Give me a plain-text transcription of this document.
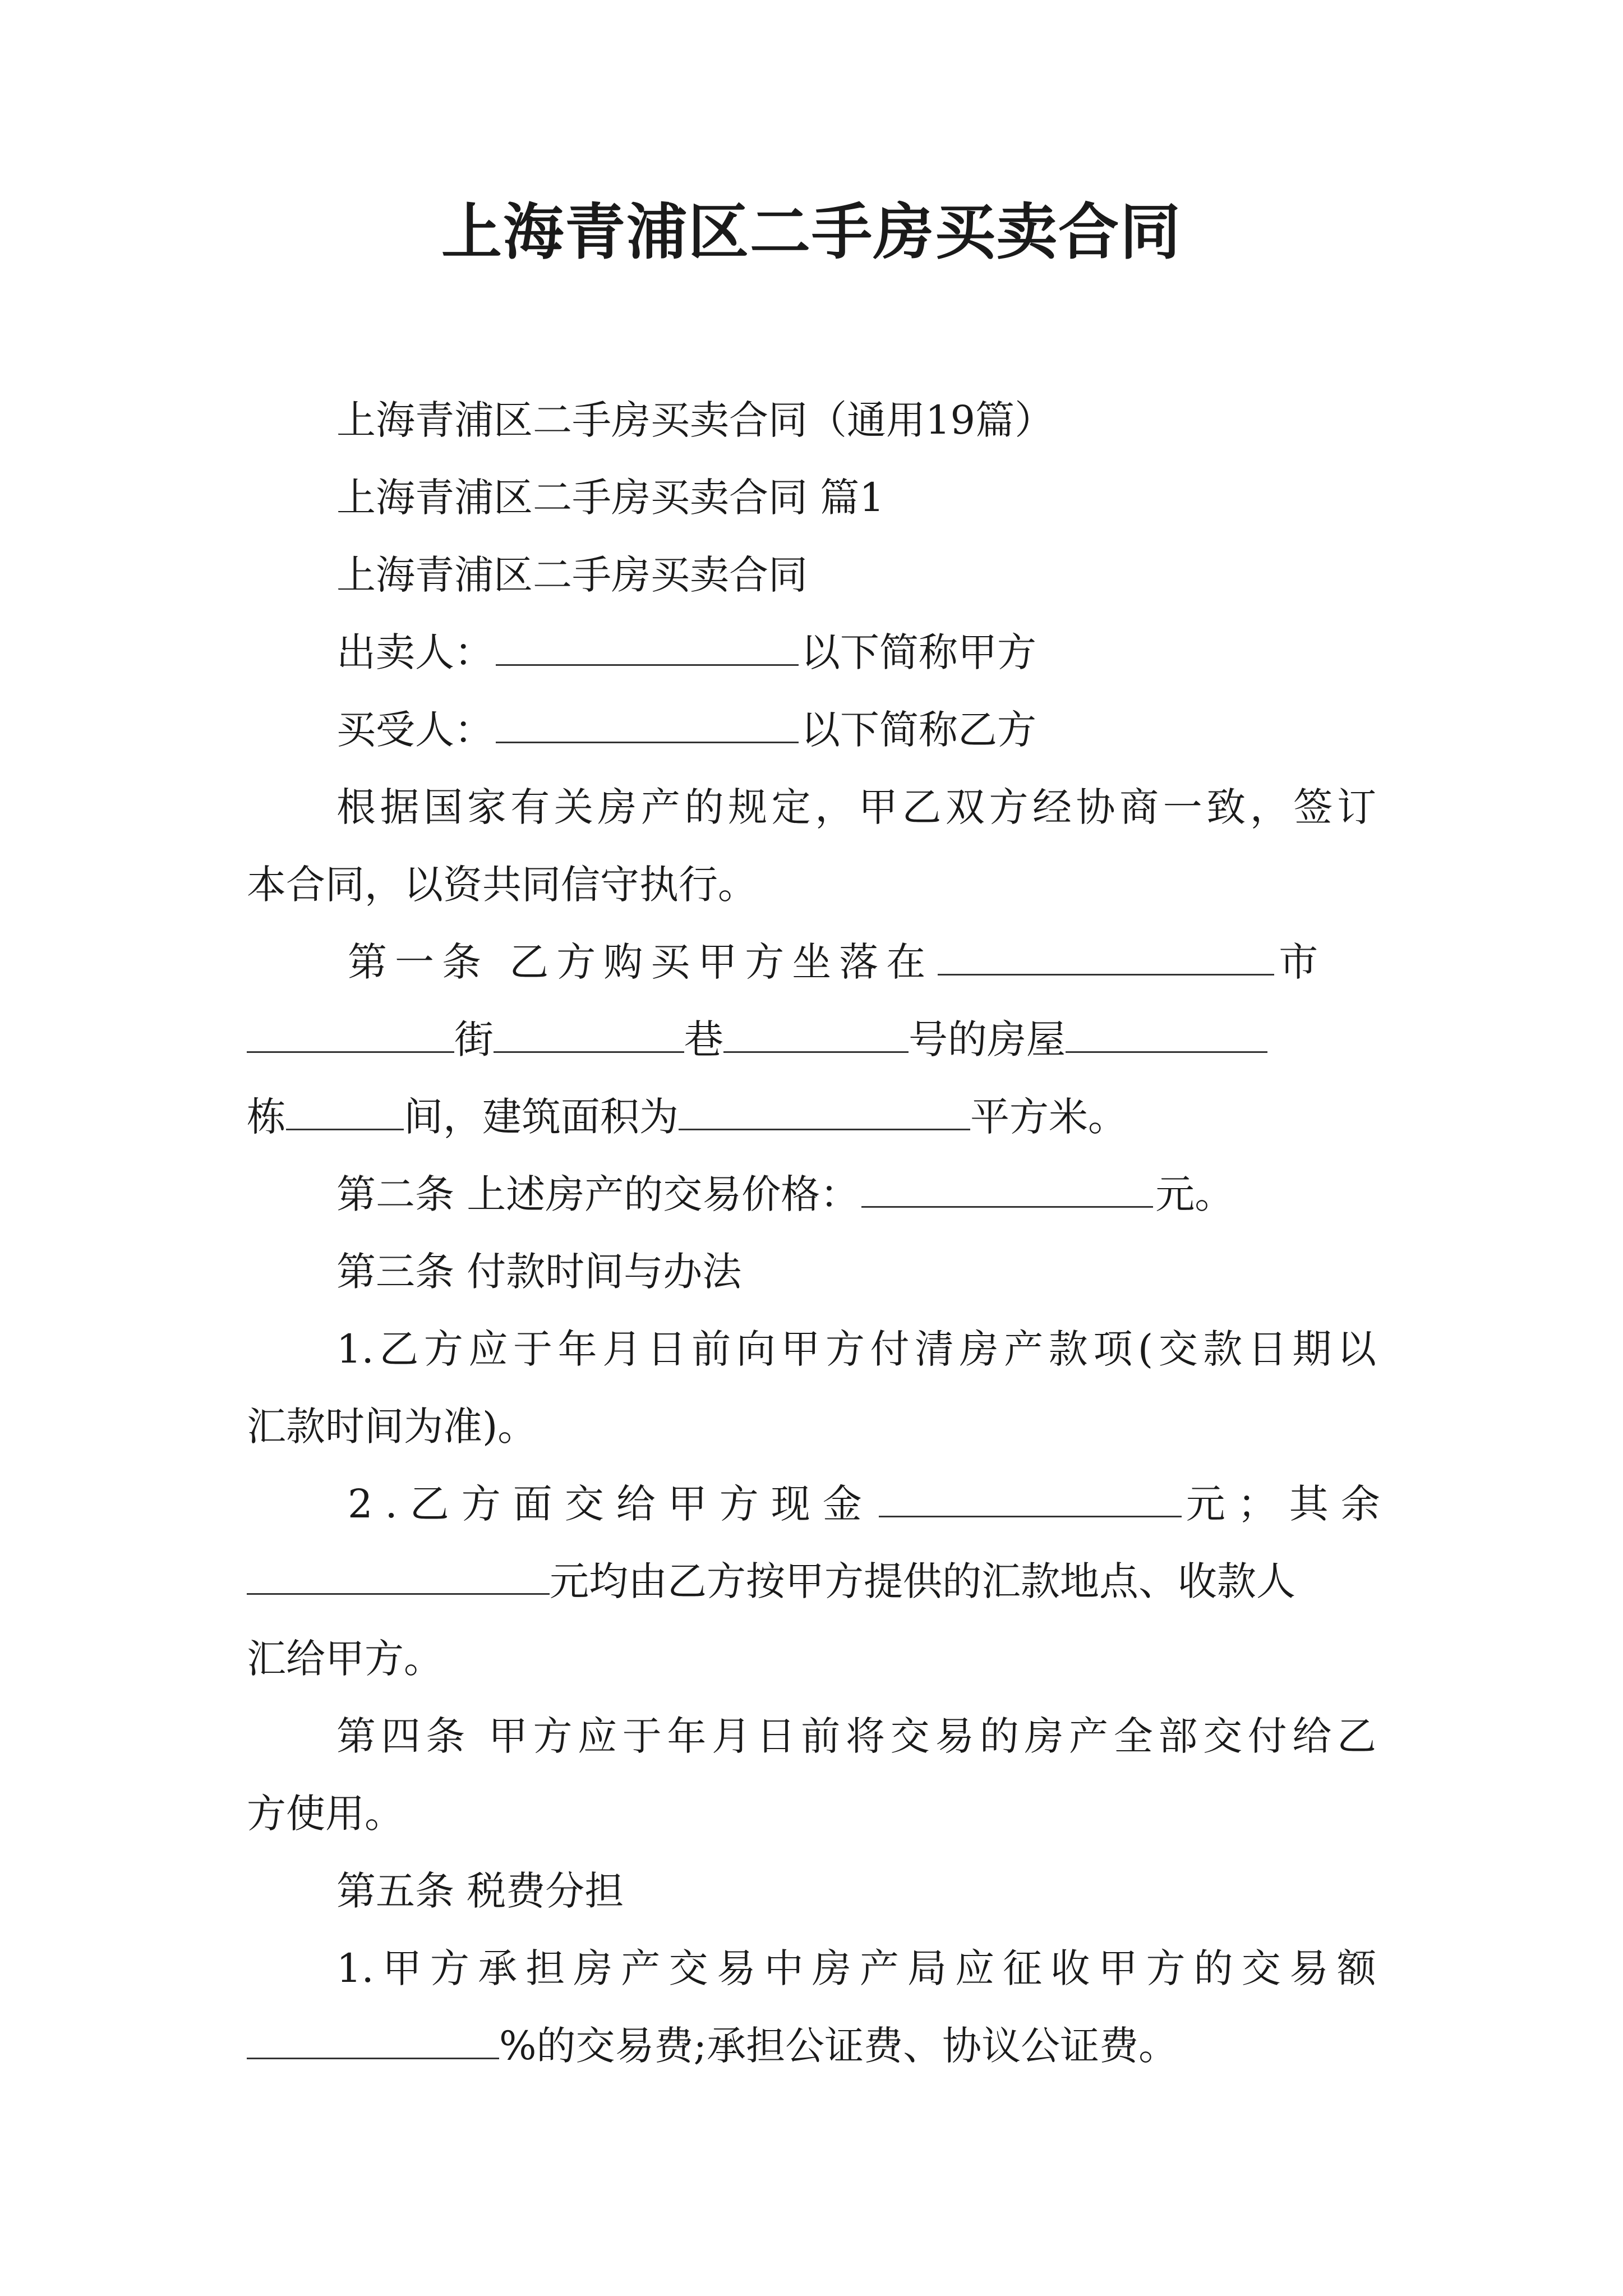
上海青浦区二手房买卖合同
上海青浦区二手房买卖合同（通用19篇）
上海青浦区二手房买卖合同 篇1
上海青浦区二手房买卖合同
出卖人：	以下简称甲方
买受人：	以下简称乙方
根据国家有关房产的规定，甲乙双方经协商一致，签订
本合同，以资共同信守执行。
第一条 乙方购买甲方坐落在	市
街	巷	号的房屋
栋	间，建筑面积为	平方米。
第二条 上述房产的交易价格：	元。
第三条 付款时间与办法
1.乙方应于年月日前向甲方付清房产款项(交款日期以
汇款时间为准)。
2.乙方面交给甲方现金	元；其余
元均由乙方按甲方提供的汇款地点、收款人
汇给甲方。
第四条 甲方应于年月日前将交易的房产全部交付给乙
方使用。
第五条 税费分担
1.甲方承担房产交易中房产局应征收甲方的交易额
%的交易费;承担公证费、协议公证费。
